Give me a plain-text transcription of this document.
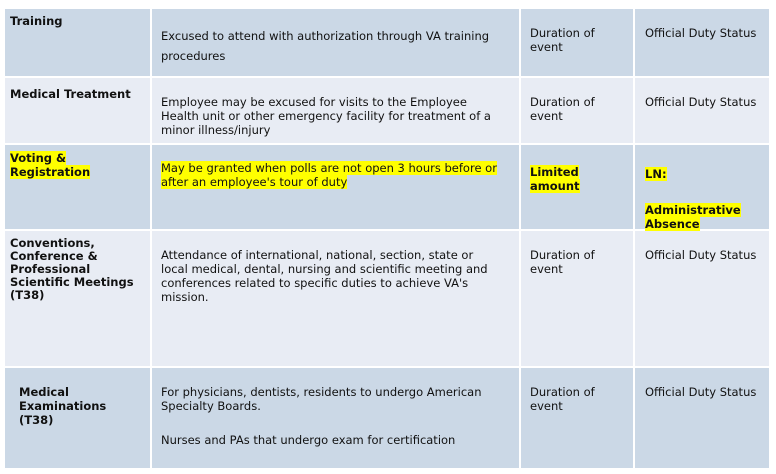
Training
Excused to attend with authorization through VA training procedures
Duration of event
Official Duty Status
Medical Treatment
Employee may be excused for visits to the Employee Health unit or other emergency facility for treatment of a minor illness/injury
Duration of event
Official Duty Status
Voting & Registration	May be granted when polls are not open 3 hours before or after an employee's tour of duty
Limited amount
LN:
Administrative Absence
Conventions, Conference & Professional Scientific Meetings (T38)
Attendance of international, national, section, state or local medical, dental, nursing and scientific meeting and conferences related to specific duties to achieve VA's mission.
Duration of event
Official Duty Status
Medical Examinations (T38)
For physicians, dentists, residents to undergo American Specialty Boards.
Nurses and PAs that undergo exam for certification
Duration of event
Official Duty Status
